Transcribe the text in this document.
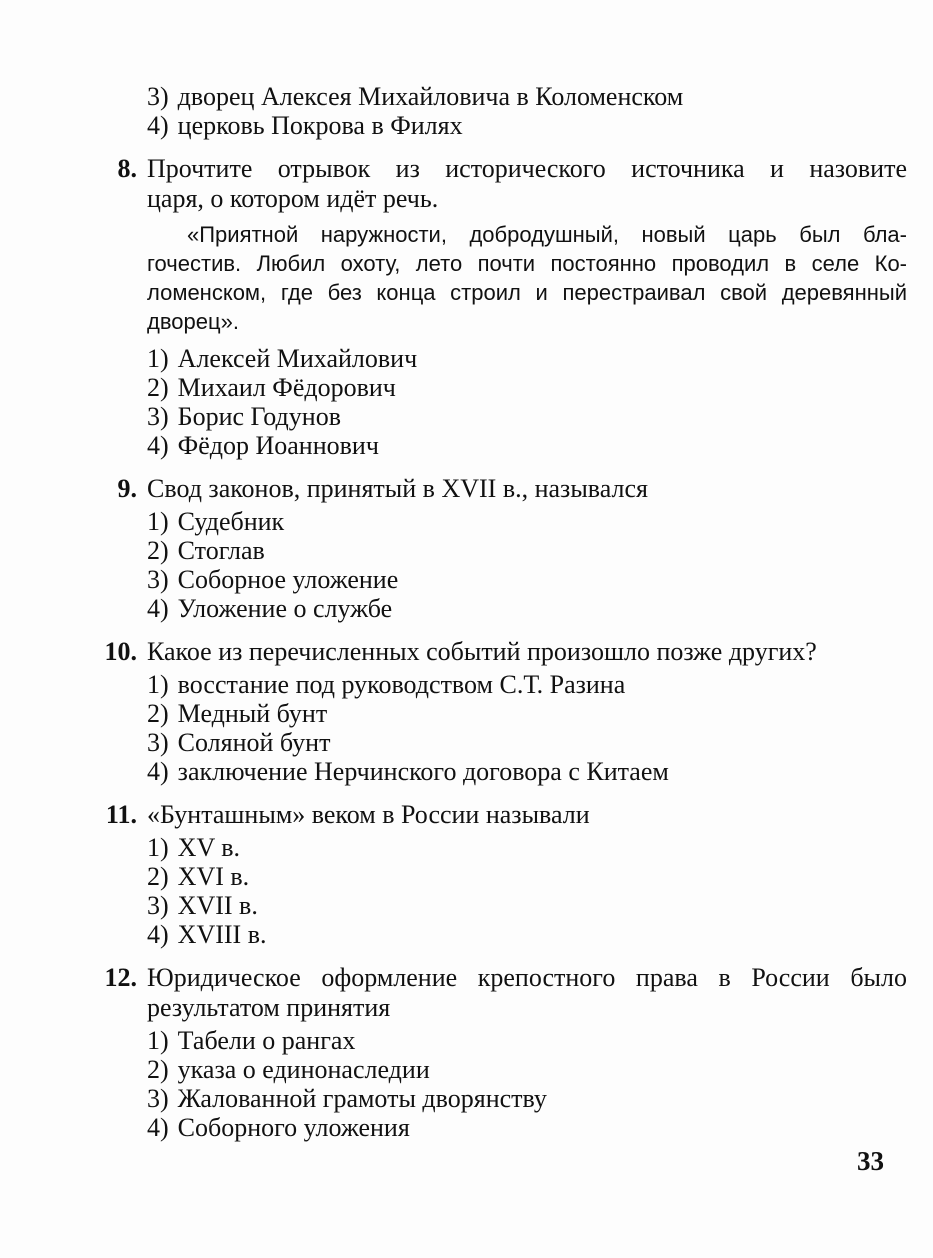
3) дворец Алексея Михайловича в Коломенском
4) церковь Покрова в Филях
8. Прочтите отрывок из исторического источника и назовите
царя, о котором идёт речь.
«Приятной наружности, добродушный, новый царь был бла-
гочестив. Любил охоту, лето почти постоянно проводил в селе Ко-
ломенском, где без конца строил и перестраивал свой деревянный
дворец».
1) Алексей Михайлович
2) Михаил Фёдорович
3) Борис Годунов
4) Фёдор Иоаннович
9. Свод законов, принятый в XVII в., назывался
1) Судебник
2) Стоглав
3) Соборное уложение
4) Уложение о службе
10. Какое из перечисленных событий произошло позже других?
1) восстание под руководством С.Т. Разина
2) Медный бунт
3) Соляной бунт
4) заключение Нерчинского договора с Китаем
11. «Бунташным» веком в России называли
1) XV в.
2) XVI в.
3) XVII в.
4) XVIII в.
12. Юридическое оформление крепостного права в России было
результатом принятия
1) Табели о рангах
2) указа о единонаследии
3) Жалованной грамоты дворянству
4) Соборного уложения
33
